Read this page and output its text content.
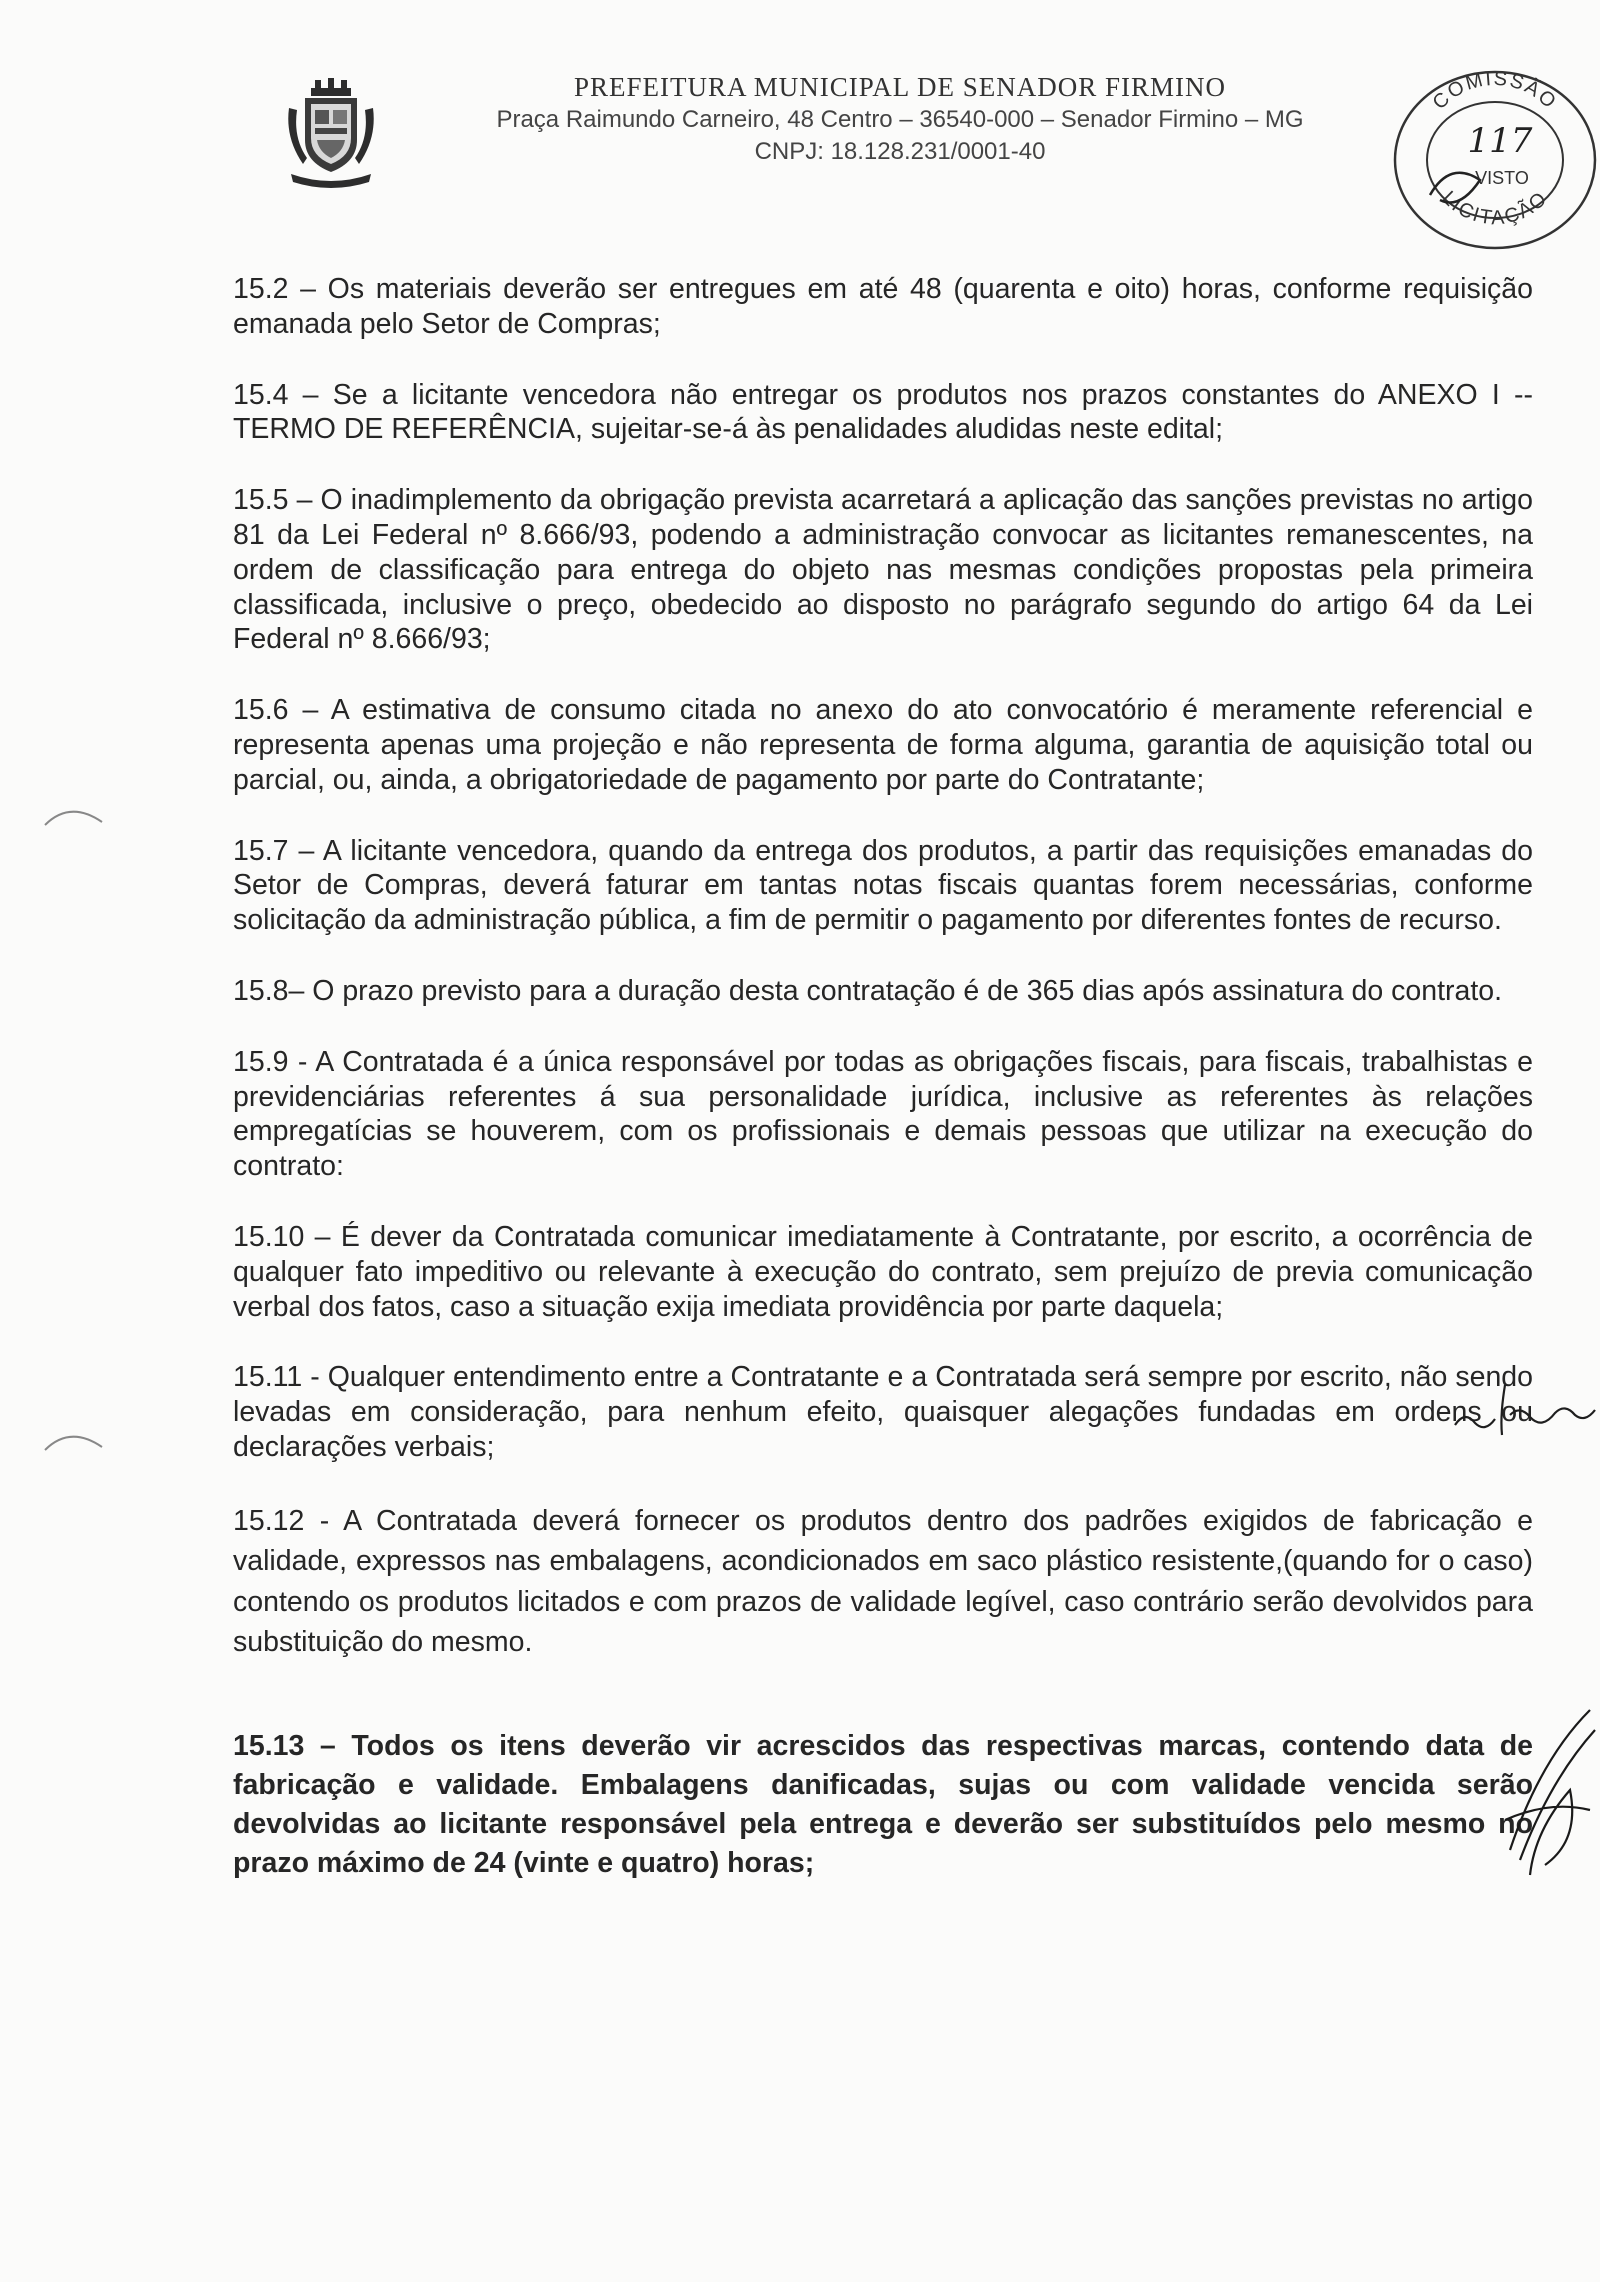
PREFEITURA MUNICIPAL DE SENADOR FIRMINO

Praça Raimundo Carneiro, 48 Centro – 36540-000 – Senador Firmino – MG

CNPJ: 18.128.231/0001-40

COMISSÃO
LICITAÇÃO
117
VISTO

15.2 – Os materiais deverão ser entregues em até 48 (quarenta e oito) horas, conforme requisição emanada pelo Setor de Compras;

15.4 – Se a licitante vencedora não entregar os produtos nos prazos constantes do ANEXO I -- TERMO DE REFERÊNCIA, sujeitar-se-á às penalidades aludidas neste edital;

15.5 – O inadimplemento da obrigação prevista acarretará a aplicação das sanções previstas no artigo 81 da Lei Federal nº 8.666/93, podendo a administração convocar as licitantes remanescentes, na ordem de classificação para entrega do objeto nas mesmas condições propostas pela primeira classificada, inclusive o preço, obedecido ao disposto no parágrafo segundo do artigo 64 da Lei Federal nº 8.666/93;

15.6 – A estimativa de consumo citada no anexo do ato convocatório é meramente referencial e representa apenas uma projeção e não representa de forma alguma, garantia de aquisição total ou parcial, ou, ainda, a obrigatoriedade de pagamento por parte do Contratante;

15.7 – A licitante vencedora, quando da entrega dos produtos, a partir das requisições emanadas do Setor de Compras, deverá faturar em tantas notas fiscais quantas forem necessárias, conforme solicitação da administração pública, a fim de permitir o pagamento por diferentes fontes de recurso.

15.8– O prazo previsto para a duração desta contratação é de 365 dias após assinatura do contrato.

15.9 - A Contratada é a única responsável por todas as obrigações fiscais, para fiscais, trabalhistas e previdenciárias referentes á sua personalidade jurídica, inclusive as referentes às relações empregatícias se houverem, com os profissionais e demais pessoas que utilizar na execução do contrato:

15.10 – É dever da Contratada comunicar imediatamente à Contratante, por escrito, a ocorrência de qualquer fato impeditivo ou relevante à execução do contrato, sem prejuízo de previa comunicação verbal dos fatos, caso a situação exija imediata providência por parte daquela;

15.11 - Qualquer entendimento entre a Contratante e a Contratada será sempre por escrito, não sendo levadas em consideração, para nenhum efeito, quaisquer alegações fundadas em ordens ou declarações verbais;

15.12 - A Contratada deverá fornecer os produtos dentro dos padrões exigidos de fabricação e validade, expressos nas embalagens, acondicionados em saco plástico resistente,(quando for o caso) contendo os produtos licitados e com prazos de validade legível, caso contrário serão devolvidos para substituição do mesmo.

15.13 – Todos os itens deverão vir acrescidos das respectivas marcas, contendo data de fabricação e validade. Embalagens danificadas, sujas ou com validade vencida serão devolvidas ao licitante responsável pela entrega e deverão ser substituídos pelo mesmo no prazo máximo de 24 (vinte e quatro) horas;
